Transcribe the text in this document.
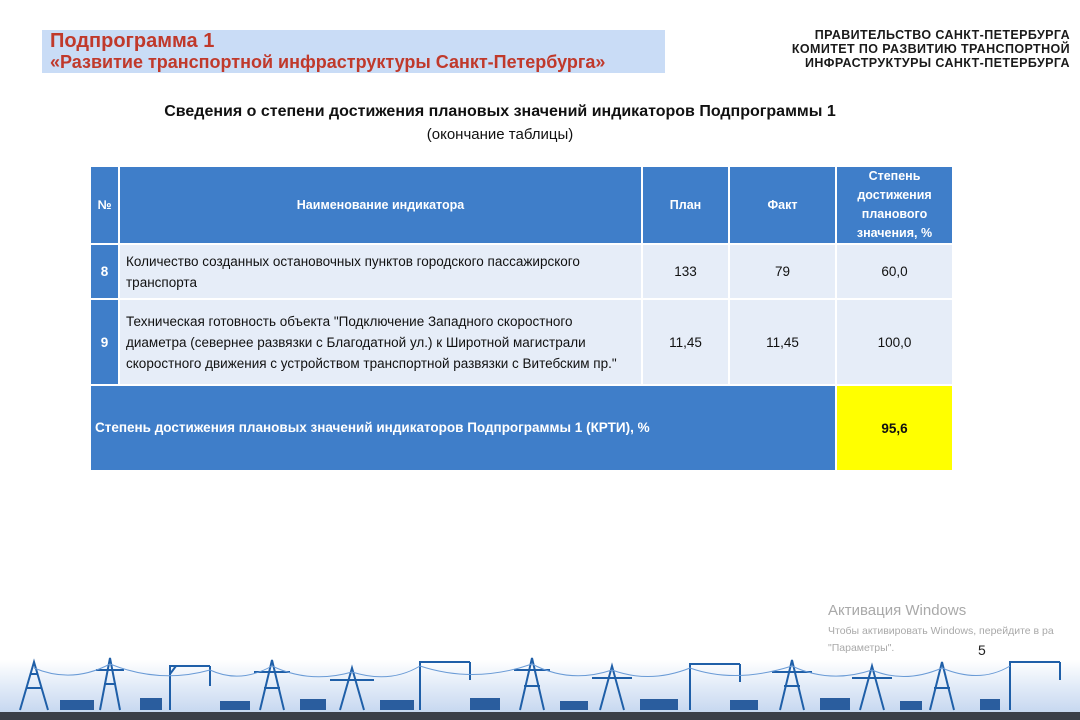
Подпрограмма 1
«Развитие транспортной инфраструктуры Санкт-Петербурга»
ПРАВИТЕЛЬСТВО САНКТ-ПЕТЕРБУРГА
КОМИТЕТ ПО РАЗВИТИЮ ТРАНСПОРТНОЙ
ИНФРАСТРУКТУРЫ САНКТ-ПЕТЕРБУРГА
Сведения о степени достижения плановых значений индикаторов Подпрограммы 1
(окончание таблицы)
№	Наименование индикатора	План	Факт	Степень достижения планового значения, %
8	Количество созданных остановочных пунктов городского пассажирского транспорта	133	79	60,0
9	Техническая готовность объекта "Подключение Западного скоростного диаметра (севернее развязки с Благодатной ул.) к Широтной магистрали скоростного движения с устройством транспортной развязки с Витебским пр."	11,45	11,45	100,0
Степень достижения плановых значений индикаторов Подпрограммы 1 (КРТИ), %				95,6
Активация Windows
Чтобы активировать Windows, перейдите в ра
"Параметры".	5
